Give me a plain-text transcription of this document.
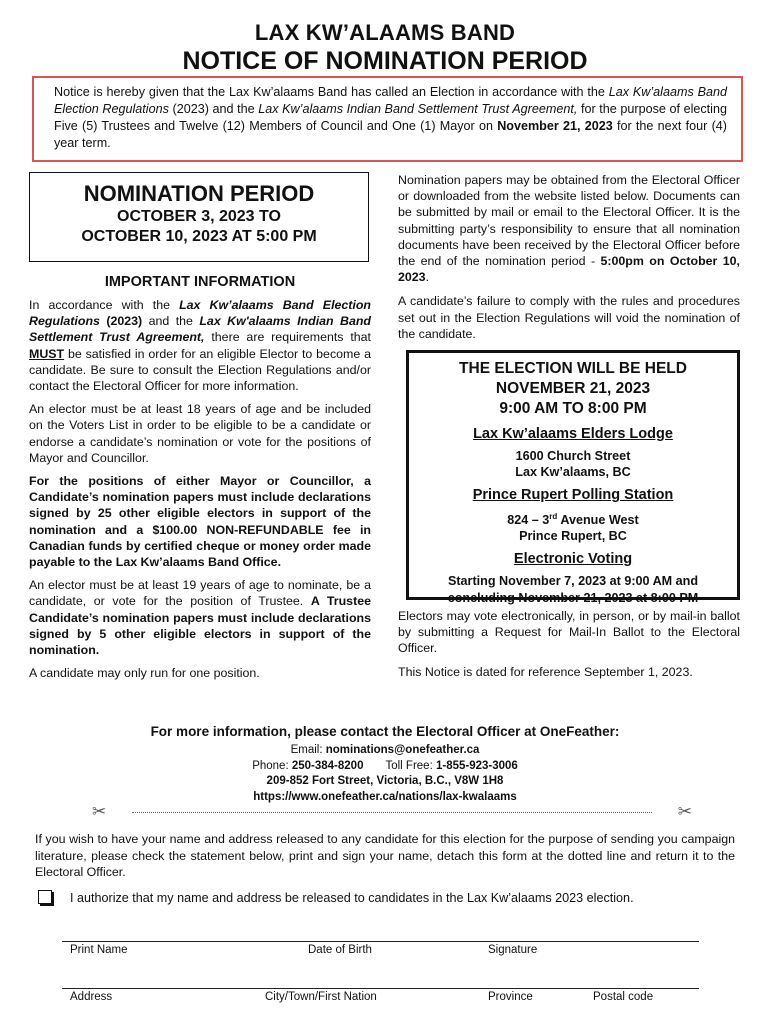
LAX KW’ALAAMS BAND
NOTICE OF NOMINATION PERIOD

Notice is hereby given that the Lax Kw’alaams Band has called an Election in accordance with the Lax Kw’alaams Band Election Regulations (2023) and the Lax Kw’alaams Indian Band Settlement Trust Agreement, for the purpose of electing Five (5) Trustees and Twelve (12) Members of Council and One (1) Mayor on November 21, 2023 for the next four (4) year term.

NOMINATION PERIOD
OCTOBER 3, 2023 TO
OCTOBER 10, 2023 AT 5:00 PM
IMPORTANT INFORMATION

In accordance with the Lax Kw’alaams Band Election Regulations (2023) and the Lax Kw'alaams Indian Band Settlement Trust Agreement, there are requirements that MUST be satisfied in order for an eligible Elector to become a candidate. Be sure to consult the Election Regulations and/or contact the Electoral Officer for more information.

An elector must be at least 18 years of age and be included on the Voters List in order to be eligible to be a candidate or endorse a candidate’s nomination or vote for the positions of Mayor and Councillor.

For the positions of either Mayor or Councillor, a Candidate’s nomination papers must include declarations signed by 25 other eligible electors in support of the nomination and a $100.00 NON-REFUNDABLE fee in Canadian funds by certified cheque or money order made payable to the Lax Kw’alaams Band Office.

An elector must be at least 19 years of age to nominate, be a candidate, or vote for the position of Trustee. A Trustee Candidate’s nomination papers must include declarations signed by 5 other eligible electors in support of the nomination.

A candidate may only run for one position.

Nomination papers may be obtained from the Electoral Officer or downloaded from the website listed below. Documents can be submitted by mail or email to the Electoral Officer. It is the submitting party’s responsibility to ensure that all nomination documents have been received by the Electoral Officer before the end of the nomination period - 5:00pm on October 10, 2023.

A candidate’s failure to comply with the rules and procedures set out in the Election Regulations will void the nomination of the candidate.

THE ELECTION WILL BE HELD
NOVEMBER 21, 2023
9:00 AM TO 8:00 PM
Lax Kw’alaams Elders Lodge
1600 Church Street
Lax Kw’alaams, BC
Prince Rupert Polling Station
824 – 3rd Avenue West
Prince Rupert, BC
Electronic Voting
Starting November 7, 2023 at 9:00 AM and
concluding November 21, 2023 at 8:00 PM

Electors may vote electronically, in person, or by mail-in ballot by submitting a Request for Mail-In Ballot to the Electoral Officer.

This Notice is dated for reference September 1, 2023.

For more information, please contact the Electoral Officer at OneFeather:
Email: nominations@onefeather.ca
Phone: 250-384-8200 Toll Free: 1-855-923-3006
209-852 Fort Street, Victoria, B.C., V8W 1H8
https://www.onefeather.ca/nations/lax-kwalaams
✂	✂

If you wish to have your name and address released to any candidate for this election for the purpose of sending you campaign literature, please check the statement below, print and sign your name, detach this form at the dotted line and return it to the Electoral Officer.

I authorize that my name and address be released to candidates in the Lax Kw’alaams 2023 election.
Print Name	Date of Birth	Signature
Address	City/Town/First Nation	Province	Postal code
